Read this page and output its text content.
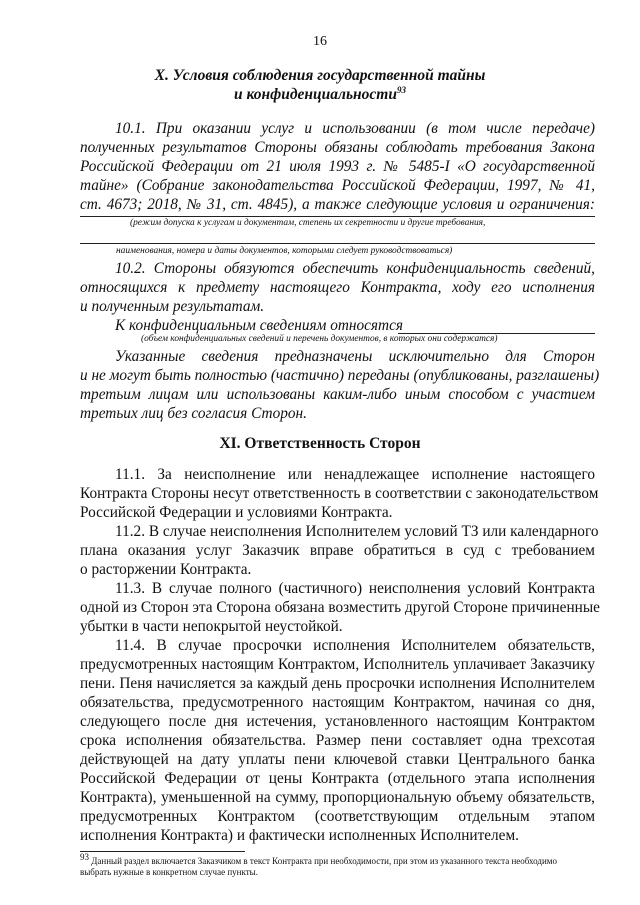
16
X. Условия соблюдения государственной тайны
и конфиденциальности$^{93}$
10.1. При оказании услуг и использовании (в том числе передаче)
полученных результатов Стороны обязаны соблюдать требования Закона
Российской Федерации от 21 июля 1993 г. № 5485-I «О государственной
тайне» (Собрание законодательства Российской Федерации, 1997, № 41,
ст. 4673; 2018, № 31, ст. 4845), а также следующие условия и ограничения:
(режим допуска к услугам и документам, степень их секретности и другие требования,
наименования, номера и даты документов, которыми следует руководствоваться)
10.2. Стороны обязуются обеспечить конфиденциальность сведений,
относящихся к предмету настоящего Контракта, ходу его исполнения
и полученным результатам.
К конфиденциальным сведениям относятся
(объем конфиденциальных сведений и перечень документов, в которых они содержатся)
Указанные сведения предназначены исключительно для Сторон
и не могут быть полностью (частично) переданы (опубликованы, разглашены)
третьим лицам или использованы каким-либо иным способом с участием
третьих лиц без согласия Сторон.
XI. Ответственность Сторон
11.1. За неисполнение или ненадлежащее исполнение настоящего
Контракта Стороны несут ответственность в соответствии с законодательством
Российской Федерации и условиями Контракта.
11.2. В случае неисполнения Исполнителем условий ТЗ или календарного
плана оказания услуг Заказчик вправе обратиться в суд с требованием
о расторжении Контракта.
11.3. В случае полного (частичного) неисполнения условий Контракта
одной из Сторон эта Сторона обязана возместить другой Стороне причиненные
убытки в части непокрытой неустойкой.
11.4. В случае просрочки исполнения Исполнителем обязательств,
предусмотренных настоящим Контрактом, Исполнитель уплачивает Заказчику
пени. Пеня начисляется за каждый день просрочки исполнения Исполнителем
обязательства, предусмотренного настоящим Контрактом, начиная со дня,
следующего после дня истечения, установленного настоящим Контрактом
срока исполнения обязательства. Размер пени составляет одна трехсотая
действующей на дату уплаты пени ключевой ставки Центрального банка
Российской Федерации от цены Контракта (отдельного этапа исполнения
Контракта), уменьшенной на сумму, пропорциональную объему обязательств,
предусмотренных Контрактом (соответствующим отдельным этапом
исполнения Контракта) и фактически исполненных Исполнителем.
$^{93}$ Данный раздел включается Заказчиком в текст Контракта при необходимости, при этом из указанного текста необходимо
выбрать нужные в конкретном случае пункты.
